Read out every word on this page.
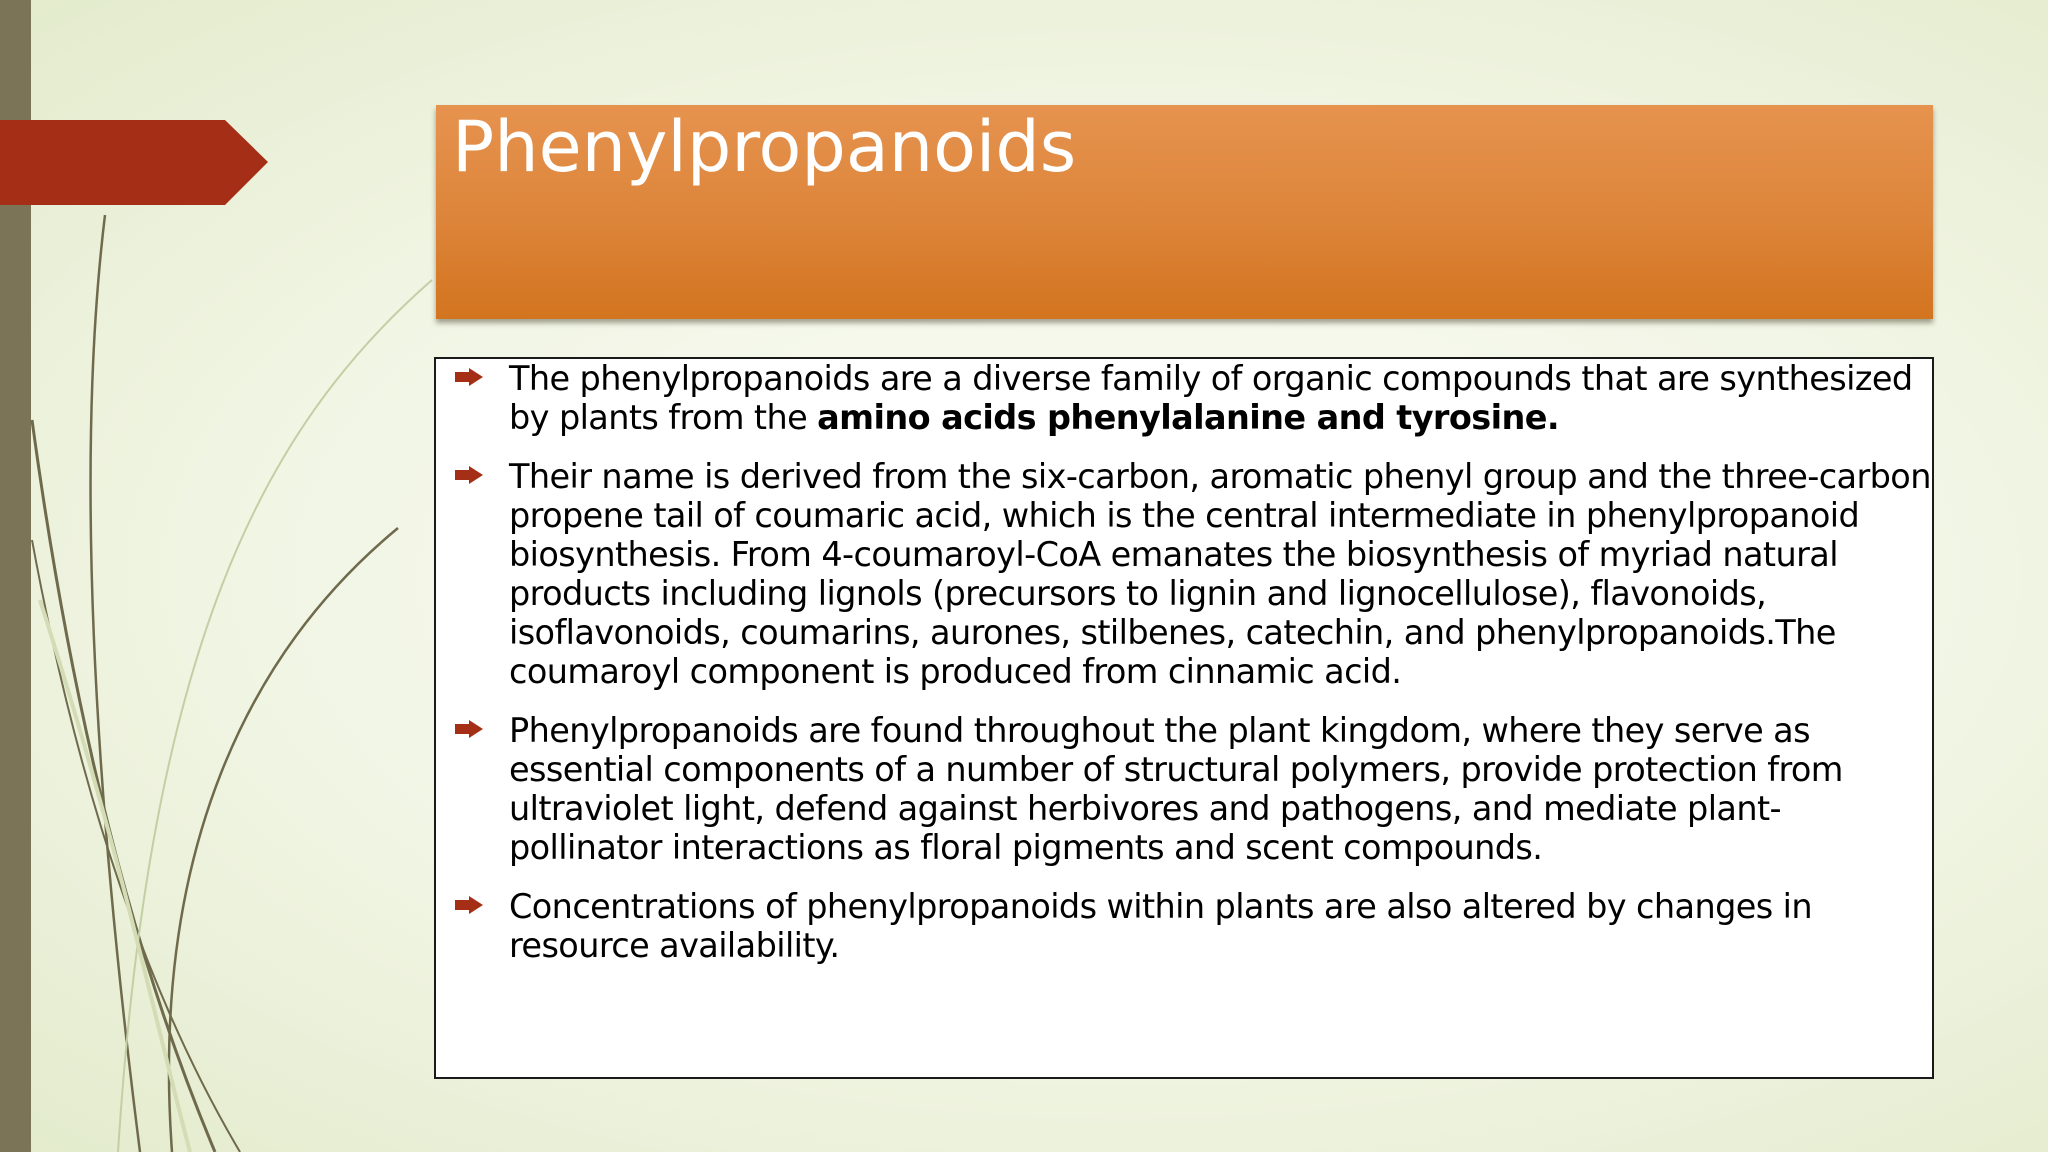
Phenylpropanoids
The phenylpropanoids are a diverse family of organic compounds that are synthesized by plants from the amino acids phenylalanine and tyrosine.
Their name is derived from the six-carbon, aromatic phenyl group and the three-carbon propene tail of coumaric acid, which is the central intermediate in phenylpropanoid biosynthesis. From 4-coumaroyl-CoA emanates the biosynthesis of myriad natural products including lignols (precursors to lignin and lignocellulose), flavonoids, isoflavonoids, coumarins, aurones, stilbenes, catechin, and phenylpropanoids.The coumaroyl component is produced from cinnamic acid.
Phenylpropanoids are found throughout the plant kingdom, where they serve as essential components of a number of structural polymers, provide protection from ultraviolet light, defend against herbivores and pathogens, and mediate plant-pollinator interactions as floral pigments and scent compounds.
Concentrations of phenylpropanoids within plants are also altered by changes in resource availability.
